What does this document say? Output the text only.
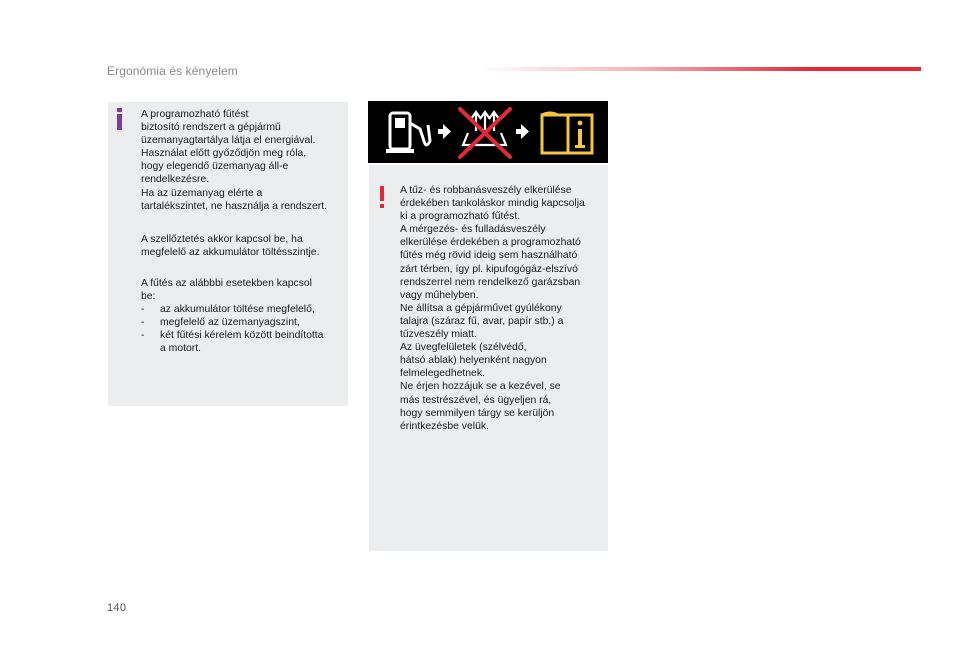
Ergonómia és kényelem

A programozható fűtést
biztosító rendszert a gépjármű
üzemanyagtartálya látja el energiával.
Használat előtt győződjön meg róla,
hogy elegendő üzemanyag áll-e
rendelkezésre.
Ha az üzemanyag elérte a
tartalékszintet, ne használja a rendszert.

A szellőztetés akkor kapcsol be, ha
megfelelő az akkumulátor töltésszintje.

A fűtés az alábbbi esetekben kapcsol
be:

- az akkumulátor töltése megfelelő,
- megfelelő az üzemanyagszint,
- két fűtési kérelem között beindította
a motort.

A tűz- és robbanásveszély elkerülése
érdekében tankoláskor mindig kapcsolja
ki a programozható fűtést.
A mérgezés- és fulladásveszély
elkerülése érdekében a programozható
fűtés még rövid ideig sem használható
zárt térben, így pl. kipufogógáz-elszívó
rendszerrel nem rendelkező garázsban
vagy műhelyben.
Ne állítsa a gépjárművet gyúlékony
talajra (száraz fű, avar, papír stb.) a
tűzveszély miatt.
Az üvegfelületek (szélvédő,
hátsó ablak) helyenként nagyon
felmelegedhetnek.
Ne érjen hozzájuk se a kezével, se
más testrészével, és ügyeljen rá,
hogy semmilyen tárgy se kerüljön
érintkezésbe velük.

140
